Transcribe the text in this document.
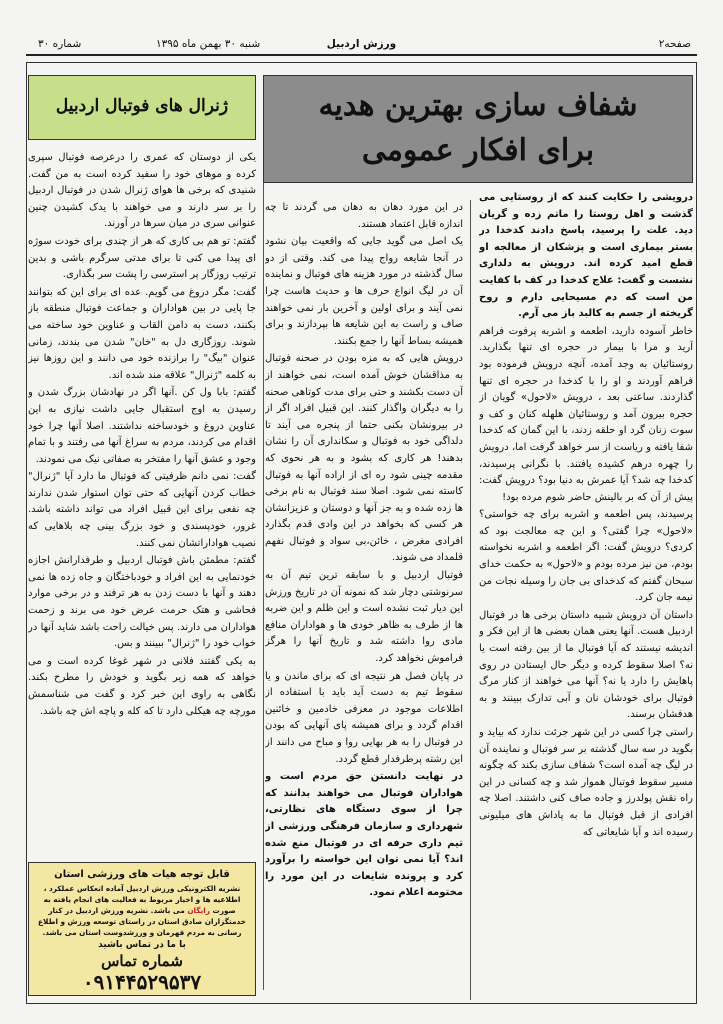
صفحه۲
ورزش اردبیل
شنبه ۳۰ بهمن ماه ۱۳۹۵
شماره ۳۰
شفاف سازی بهترین هدیه
برای افکار عمومی

درویشی را حکایت کنند که از روستایی می گذشت و اهل روستا را ماتم زده و گریان دید. علت را پرسید، پاسخ دادند کدخدا در بستر بیماری است و پزشکان از معالجه او قطع امید کرده اند. درویش به دلداری نشست و گفت: علاج کدخدا در کف با کفایت من است که دم مسیحایی دارم و روح گریخته از جسم به کالبد باز می آرم.

خاطر آسوده دارید، اطعمه و اشربه پرفوت فراهم آرید و مرا با بیمار در حجره ای تنها بگذارید. روستائیان به وجد آمده، آنچه درویش فرموده بود فراهم آوردند و او را با کدخدا در حجره ای تنها گذاردند. ساعتی بعد ، درویش «لاحول» گویان از حجره بیرون آمد و روستائیان هلهله کنان و کف و سوت زنان گرد او حلقه زدند، با این گمان که کدخدا شفا یافته و ریاست از سر خواهد گرفت اما، درویش را چهره درهم کشیده یافتند. با نگرانی پرسیدند، کدخدا چه شد؟ آیا عمرش به دنیا بود؟ درویش گفت: پیش از آن که بر بالینش حاضر شوم مرده بود!

پرسیدند، پس اطعمه و اشربه برای چه خواستی؟ «لاحول» چرا گفتی؟ و این چه معالجت بود که کردی؟ درویش گفت: اگر اطعمه و اشربه نخواسته بودم، من نیز مرده بودم و «لاحول» به حکمت خدای سبحان گفتم که کدخدای بی جان را وسیله نجات من نیمه جان کرد.

داستان آن درویش شبیه داستان برخی ها در فوتبال اردبیل هست. آنها یعنی همان بعضی ها از این فکر و اندیشه نیستند که آیا فوتبال ما از بین رفته است یا نه؟ اصلا سقوط کرده و دیگر حال ایستادن در روی پاهایش را دارد یا نه؟ آنها می خواهند از کنار مرگ فوتبال برای خودشان نان و آبی تدارک ببینند و به هدفشان برسند.

راستی چرا کسی در این شهر جرئت ندارد که بیاید و بگوید در سه سال گذشته بر سر فوتبال و نماینده آن در لیگ چه آمده است؟ شفاف سازی بکند که چگونه مسیر سقوط فوتبال هموار شد و چه کسانی در این راه نقش پولدرز و جاده صاف کنی داشتند. اصلا چه افرادی از قبل فوتبال ما به پاداش های میلیونی رسیده اند و آیا شایعاتی که

در این مورد دهان به دهان می گردند تا چه اندازه قابل اعتماد هستند.

یک اصل می گوید جایی که واقعیت بیان نشود در آنجا شایعه رواج پیدا می کند. وقتی از دو سال گذشته در مورد هزینه های فوتبال و نماینده آن در لیگ انواع حرف ها و حدیث هاست چرا نمی آیند و برای اولین و آخرین بار نمی خواهند صاف و راست به این شایعه ها بپردازند و برای همیشه بساط آنها را جمع بکنند.

درویش هایی که به مزه بودن در صحنه فوتبال به مذاقشان خوش آمده است، نمی خواهند از آن دست بکشند و حتی برای مدت کوتاهی صحنه را به دیگران واگذار کنند. این قبیل افراد اگر از در بیرونشان بکنی حتما از پنجره می آیند تا دلداگی خود به فوتبال و سکانداری آن را نشان بدهند! هر کاری که بشود و به هر نحوی که مقدمه چینی شود ره ای از اراده آنها به فوتبال کاسته نمی شود. اصلا سند فوتبال به نام برخی ها زده شده و به جز آنها و دوستان و عزیزانشان هر کسی که بخواهد در این وادی قدم بگذارد افرادی مغرض ، خائن،بی سواد و فوتبال نفهم قلمداد می شوند.

فوتبال اردبیل و با سابقه ترین تیم آن به سرنوشتی دچار شد که نمونه آن در تاریخ ورزش این دیار ثبت نشده است و این ظلم و این ضربه ها از طرف به ظاهر خودی ها و هواداران منافع مادی روا داشته شد و تاریخ آنها را هرگز فراموش نخواهد کرد.

در پایان فصل هر نتیجه ای که برای ماندن و یا سقوط تیم به دست آید باید با استفاده از اطلاعات موجود در معرفی خادمین و خائنین اقدام گردد و برای همیشه پای آنهایی که بودن در فوتبال را به هر بهایی روا و مباح می دانند از این رشته پرطرفدار قطع گردد.

در نهایت دانستن حق مردم است و هواداران فوتبال می خواهند بدانند که چرا از سوی دستگاه های نظارتی، شهرداری و سازمان فرهنگی ورزشی از تیم داری حرفه ای در فوتبال منع شده اند؟ آیا نمی توان این خواسته را برآورد کرد و پرونده شایعات در این مورد را مختومه اعلام نمود.

ژنرال های فوتبال اردبیل

یکی از دوستان که عمری را درعرصه فوتبال سپری کرده و موهای خود را سفید کرده است به من گفت. شنیدی که برخی ها هوای ژنرال شدن در فوتبال اردبیل را بر سر دارند و می خواهند با یدک کشیدن چنین عنوانی سری در میان سرها در آورند.

گفتم: تو هم بی کاری که هر از چندی برای خودت سوژه ای پیدا می کنی تا برای مدتی سرگرم باشی و بدین ترتیب روزگار پر استرسی را پشت سر بگذاری.

گفت: مگر دروغ می گویم. عده ای برای این که بتوانند جا پایی در بین هواداران و جماعت فوتبال منطقه باز بکنند، دست به دامن القاب و عناوین خود ساخته می شوند. روزگاری دل به "خان" شدن می بندند، زمانی عنوان "بیگ" را برازنده خود می دانند و این روزها نیز به کلمه "ژنرال" علاقه مند شده اند.

گفتم: بابا ول کن .آنها اگر در نهادشان بزرگ شدن و رسیدن به اوج استقبال جایی داشت نیازی به این عناوین دروغ و خودساخته نداشتند. اصلا آنها چرا خود اقدام می کردند، مردم به سراغ آنها می رفتند و با تمام وجود و عشق آنها را مفتخر به صفاتی نیک می نمودند.

گفت: نمی دانم ظرفیتی که فوتبال ما دارد آیا "ژنرال" خطاب کردن آنهایی که حتی توان استوار شدن ندارند چه نفعی برای این قبیل افراد می تواند داشته باشد. غرور، خودپسندی و خود بزرگ بینی چه بلاهایی که نصیب هواداراتشان نمی کنند.

گفتم: مطمئن باش فوتبال اردبیل و طرفدارانش اجازه خودنمایی به این افراد و خودباختگان و جاه زده ها نمی دهند و آنها با دست زدن به هر ترفند و در برخی موارد فحاشی و هتک حرمت عرض خود می برند و زحمت هواداران می دارند. پس خیالت راحت باشد شاید آنها در خواب خود را "ژنرال" ببینند و بس.

به یکی گفتند فلانی در شهر غوغا کرده است و می خواهد که همه زیر بگوید و خودش را مطرح بکند. نگاهی به راوی این خبر کرد و گفت می شناسمش مورچه چه هیکلی دارد تا که کله و پاچه اش چه باشد.

قابل توجه هیات های ورزشی استان
نشریه الکترونیکی ورزش اردبیل آماده انعکاس عملکرد ، اطلاعیه ها و اخبار مربوط به فعالیت های انجام یافته به صورت رایگان می باشد. نشریه ورزش اردبیل در کنار خدمتگزاران صادق استان در راستای توسعه ورزش و اطلاع رسانی به مردم قهرمان و ورزشدوست استان می باشد.
با ما در تماس باشید
شماره تماس
۰۹۱۴۴۵۲۹۵۳۷
